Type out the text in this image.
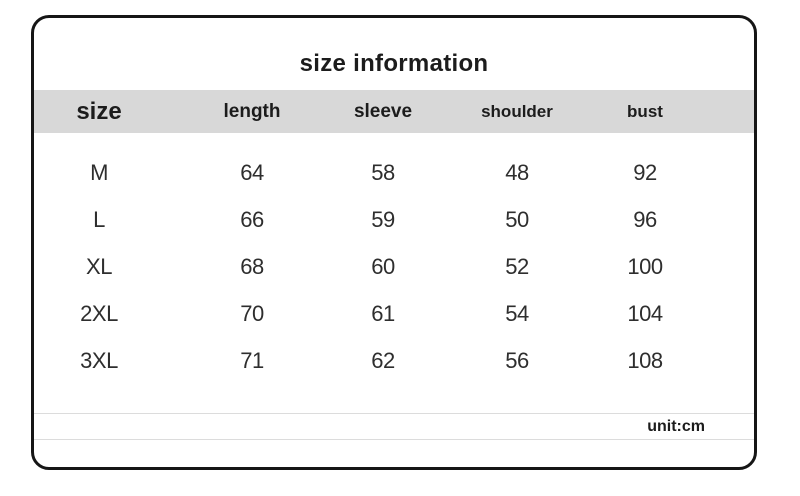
size information
size	length	sleeve	shoulder	bust
M	64	58	48	92
L	66	59	50	96
XL	68	60	52	100
2XL	70	61	54	104
3XL	71	62	56	108
unit:cm
